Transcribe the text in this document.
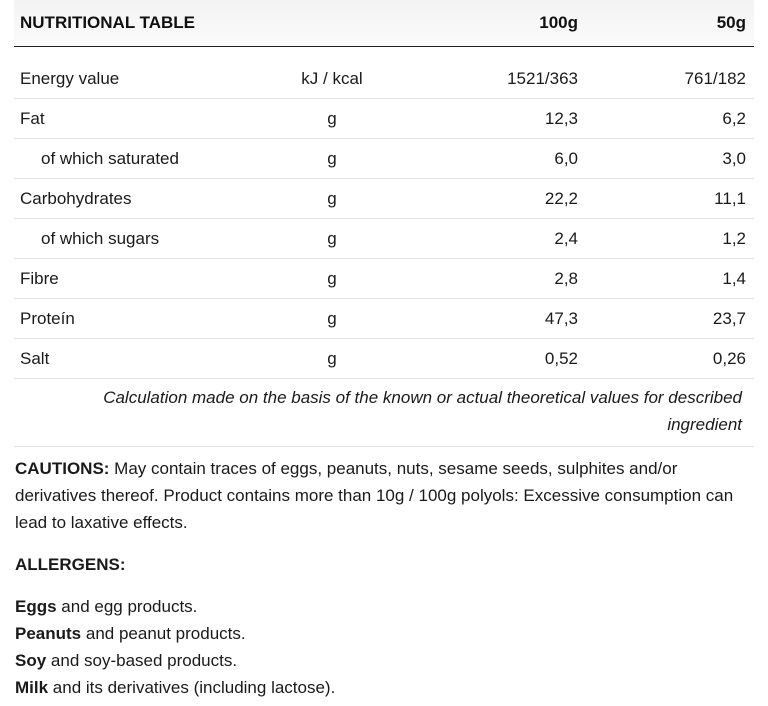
NUTRITIONAL TABLE	100g	50g
Energy value	kJ / kcal	1521/363	761/182
Fat	g	12,3	6,2
of which saturated	g	6,0	3,0
Carbohydrates	g	22,2	11,1
of which sugars	g	2,4	1,2
Fibre	g	2,8	1,4
Proteín	g	47,3	23,7
Salt	g	0,52	0,26
Calculation made on the basis of the known or actual theoretical values for described
ingredient
CAUTIONS: May contain traces of eggs, peanuts, nuts, sesame seeds, sulphites and/or derivatives thereof. Product contains more than 10g / 100g polyols: Excessive consumption can lead to laxative effects.
ALLERGENS:
Eggs and egg products.
Peanuts and peanut products.
Soy and soy-based products.
Milk and its derivatives (including lactose).
